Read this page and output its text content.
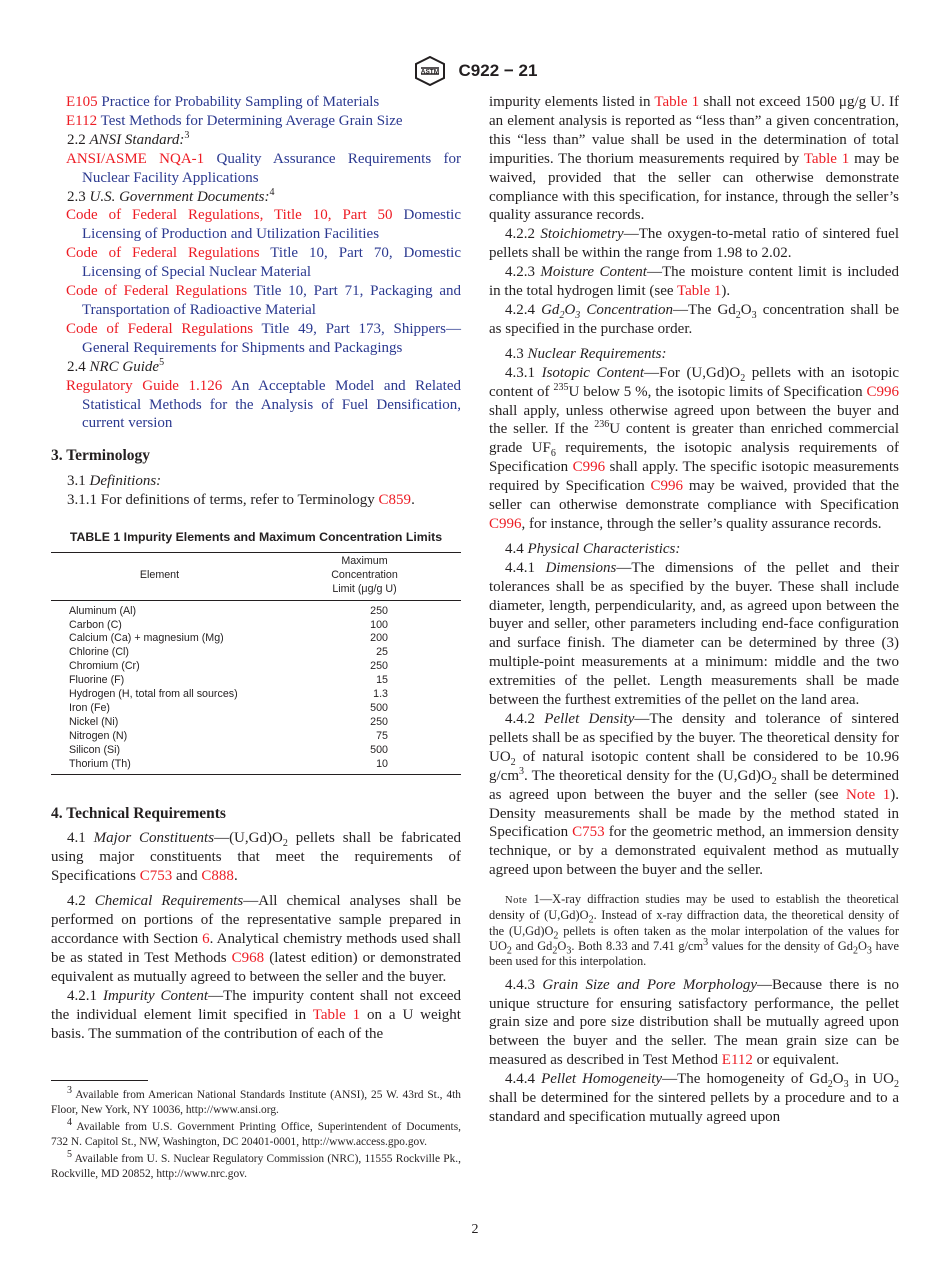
ASTM C922 − 21

E105 Practice for Probability Sampling of Materials

E112 Test Methods for Determining Average Grain Size

2.2 ANSI Standard:$^3$

ANSI/ASME NQA-1 Quality Assurance Requirements for Nuclear Facility Applications

2.3 U.S. Government Documents:$^4$

Code of Federal Regulations, Title 10, Part 50 Domestic Licensing of Production and Utilization Facilities

Code of Federal Regulations Title 10, Part 70, Domestic Licensing of Special Nuclear Material

Code of Federal Regulations Title 10, Part 71, Packaging and Transportation of Radioactive Material

Code of Federal Regulations Title 49, Part 173, Shippers—General Requirements for Shipments and Packagings

2.4 NRC Guide$^5$

Regulatory Guide 1.126 An Acceptable Model and Related Statistical Methods for the Analysis of Fuel Densification, current version

3. Terminology

3.1 Definitions:

3.1.1 For definitions of terms, refer to Terminology C859.

TABLE 1 Impurity Elements and Maximum Concentration Limits
Element	Maximum
Concentration
Limit (μg/g U)
Aluminum (Al)	250
Carbon (C)	100
Calcium (Ca) + magnesium (Mg)	200
Chlorine (Cl)	25
Chromium (Cr)	250
Fluorine (F)	15
Hydrogen (H, total from all sources)	1.3
Iron (Fe)	500
Nickel (Ni)	250
Nitrogen (N)	75
Silicon (Si)	500
Thorium (Th)	10
4. Technical Requirements

4.1 Major $Constituents—(U,Gd)O_2$ pellets shall be fabricated using major constituents that meet the requirements of Specifications C753 and C888.

4.2 Chemical Requirements—All chemical analyses shall be performed on portions of the representative sample prepared in accordance with Section 6. Analytical chemistry methods used shall be as stated in Test Methods C968 (latest edition) or demonstrated equivalent as mutually agreed to between the seller and the buyer.

4.2.1 Impurity Content—The impurity content shall not exceed the individual element limit specified in Table 1 on a U weight basis. The summation of the contribution of each of the

$^3$ Available from American National Standards Institute (ANSI), 25 W. 43rd St., 4th Floor, New York, NY 10036, http://www.ansi.org.

$^4$ Available from U.S. Government Printing Office, Superintendent of Documents, 732 N. Capitol St., NW, Washington, DC 20401-0001, http://www.access.gpo.gov.

$^5$ Available from U. S. Nuclear Regulatory Commission (NRC), 11555 Rockville Pk., Rockville, MD 20852, http://www.nrc.gov.

impurity elements listed in Table 1 shall not exceed 1500 μg/g U. If an element analysis is reported as “less than” a given concentration, this “less than” value shall be used in the determination of total impurities. The thorium measurements required by Table 1 may be waived, provided that the seller can otherwise demonstrate compliance with this specification, for instance, through the seller’s quality assurance records.

4.2.2 Stoichiometry—The oxygen-to-metal ratio of sintered fuel pellets shall be within the range from 1.98 to 2.02.

4.2.3 Moisture Content—The moisture content limit is included in the total hydrogen limit (see Table 1).

4.2.4 $Gd_2O_3$ Concentration—The $Gd_2O_3$ concentration shall be as specified in the purchase order.

4.3 Nuclear Requirements:

4.3.1 Isotopic Content—For $(U,Gd)O_2$ pellets with an isotopic content of $^{235}$U below 5 %, the isotopic limits of Specification C996 shall apply, unless otherwise agreed upon between the buyer and the seller. If the $^{236}$U content is greater than enriched commercial grade $UF_6$ requirements, the isotopic analysis requirements of Specification C996 shall apply. The specific isotopic measurements required by Specification C996 may be waived, provided that the seller can otherwise demonstrate compliance with Specification C996, for instance, through the seller’s quality assurance records.

4.4 Physical Characteristics:

4.4.1 Dimensions—The dimensions of the pellet and their tolerances shall be as specified by the buyer. These shall include diameter, length, perpendicularity, and, as agreed upon between the buyer and seller, other parameters including end-face configuration and surface finish. The diameter can be determined by three (3) multiple-point measurements at a minimum: middle and the two extremities of the pellet. Length measurements shall be made between the furthest extremities of the pellet on the land area.

4.4.2 Pellet Density—The density and tolerance of sintered pellets shall be as specified by the buyer. The theoretical density for $UO_2$ of natural isotopic content shall be considered to be 10.96 $g/cm^3$. The theoretical density for the $(U,Gd)O_2$ shall be determined as agreed upon between the buyer and the seller (see Note 1). Density measurements shall be made by the method stated in Specification C753 for the geometric method, an immersion density technique, or by a demonstrated equivalent method as mutually agreed upon between the buyer and the seller.

Note 1—X-ray diffraction studies may be used to establish the theoretical density of $(U,Gd)O_2$. Instead of x-ray diffraction data, the theoretical density of the $(U,Gd)O_2$ pellets is often taken as the molar interpolation of the values for $UO_2$ and $Gd_2O_3$. Both 8.33 and 7.41 $g/cm^3$ values for the density of $Gd_2O_3$ have been used for this interpolation.

4.4.3 Grain Size and Pore Morphology—Because there is no unique structure for ensuring satisfactory performance, the pellet grain size and pore size distribution shall be mutually agreed upon between the buyer and the seller. The mean grain size can be measured as described in Test Method E112 or equivalent.

4.4.4 Pellet Homogeneity—The homogeneity of $Gd_2O_3$ in $UO_2$ shall be determined for the sintered pellets by a procedure and to a standard and specification mutually agreed upon

2
